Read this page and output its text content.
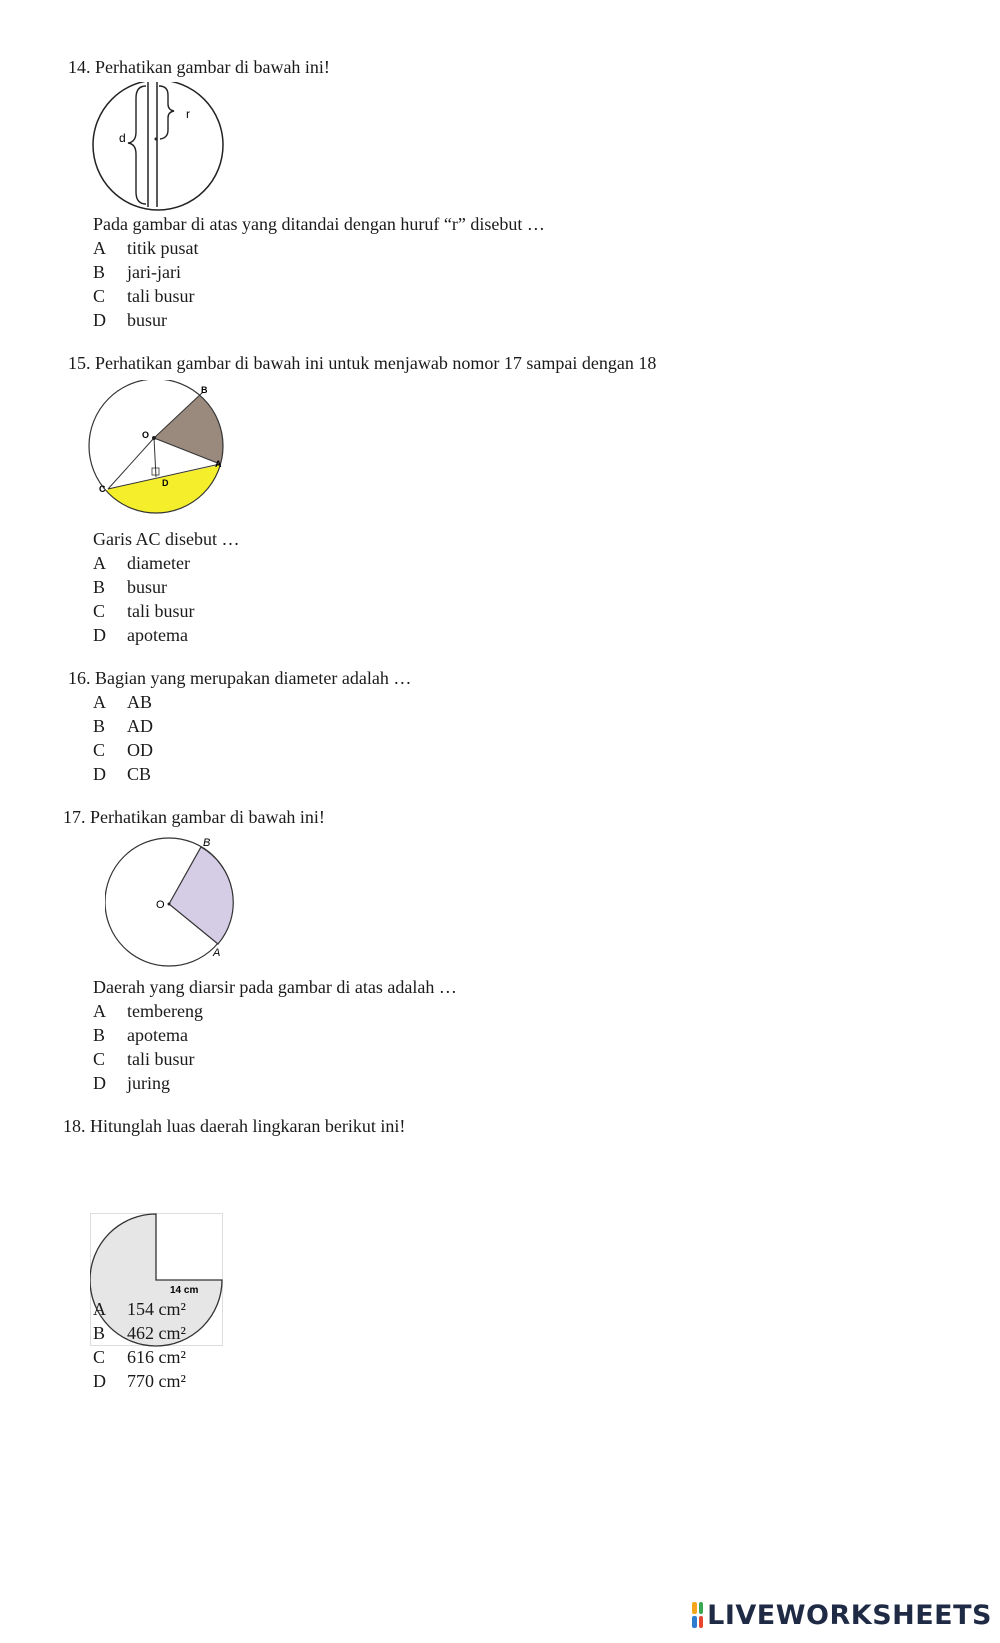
14. Perhatikan gambar di bawah ini!
r
d
Pada gambar di atas yang ditandai dengan huruf “r” disebut …
A titik pusat
B jari-jari
C tali busur
D busur
15. Perhatikan gambar di bawah ini untuk menjawab nomor 17 sampai dengan 18
B
O
A
C
D
Garis AC disebut …
A diameter
B busur
C tali busur
D apotema
16. Bagian yang merupakan diameter adalah …
A AB
B AD
C OD
D CB
17. Perhatikan gambar di bawah ini!
B
O
A
Daerah yang diarsir pada gambar di atas adalah …
A tembereng
B apotema
C tali busur
D juring
18. Hitunglah luas daerah lingkaran berikut ini!
14 cm
A 154 cm²
B 462 cm²
C 616 cm²
D 770 cm²
LIVEWORKSHEETS
